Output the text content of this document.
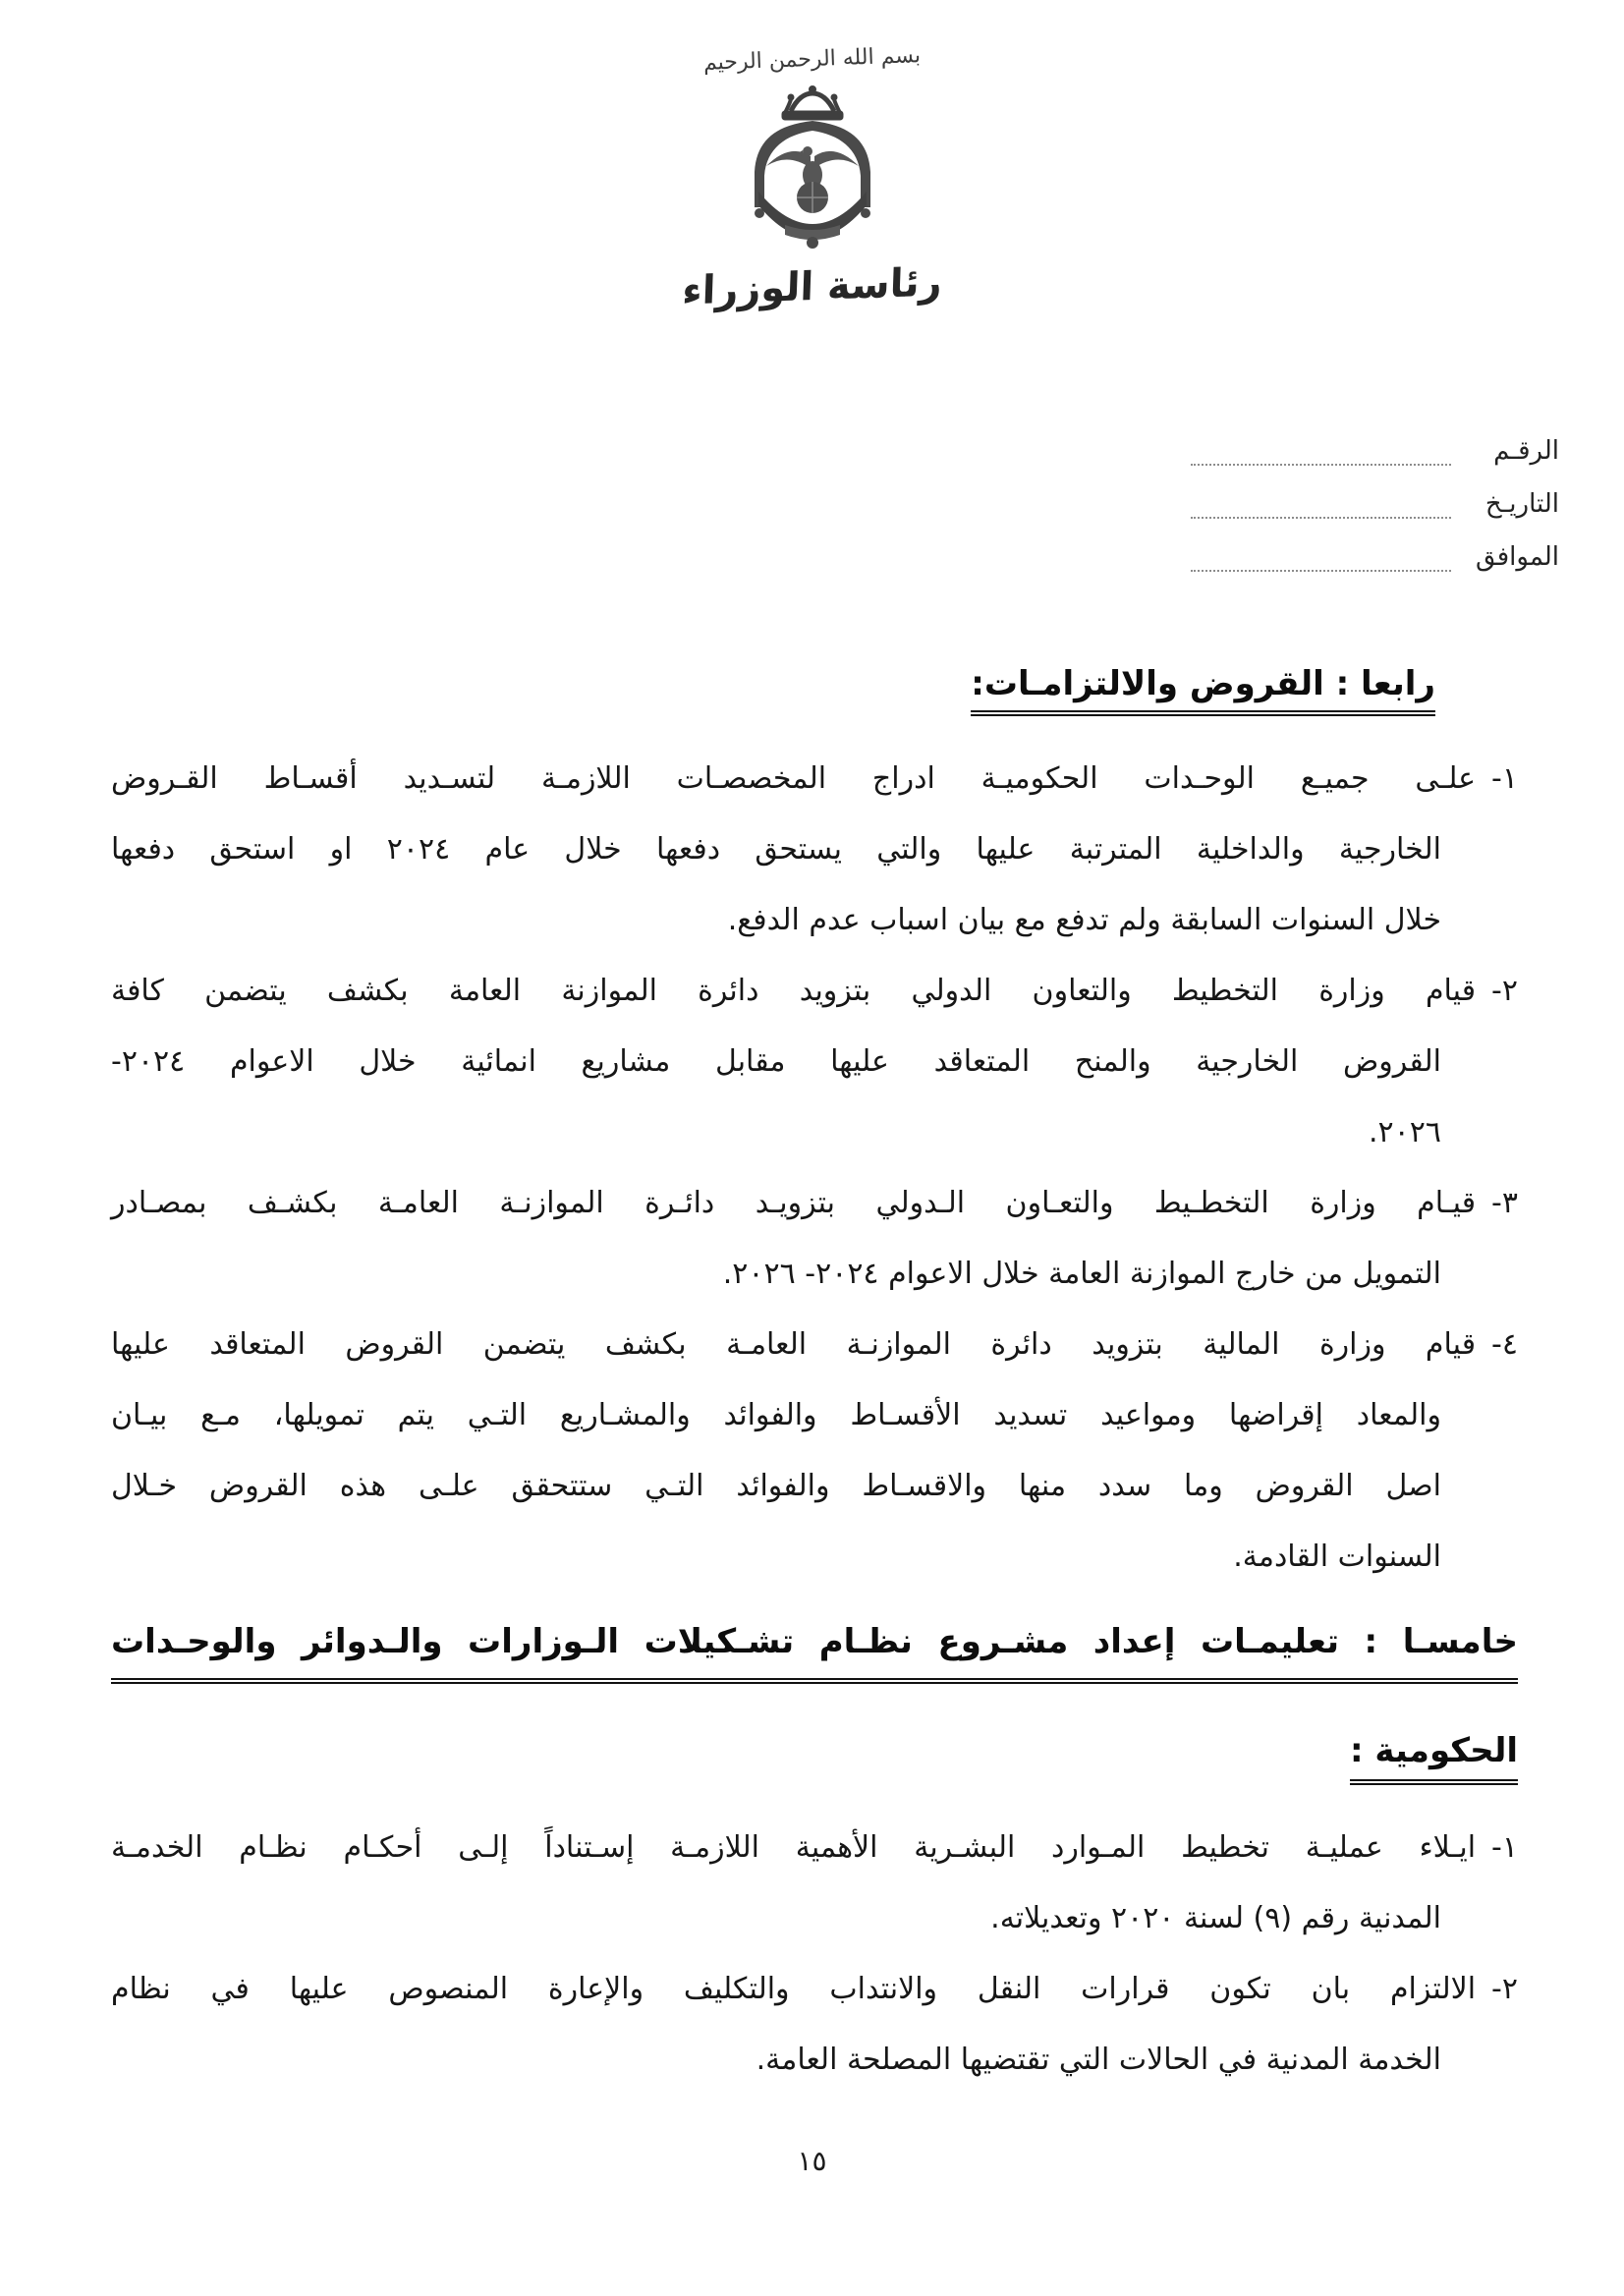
بسم الله الرحمن الرحيم
رئاسة الوزراء
الرقـم
التاريـخ
الموافق
رابعا : القروض والالتزامـات:
١-علـى جميـع الوحـدات الحكوميـة ادراج المخصصـات اللازمـة لتسـديد أقسـاط القـروض
الخارجية والداخلية المترتبة عليها والتي يستحق دفعها خلال عام ٢٠٢٤ او استحق دفعها
خلال السنوات السابقة ولم تدفع مع بيان اسباب عدم الدفع.
٢-قيام وزارة التخطيط والتعاون الدولي بتزويد دائرة الموازنة العامة بكشف يتضمن كافة
القروض الخارجية والمنح المتعاقد عليها مقابل مشاريع انمائية خلال الاعوام ٢٠٢٤-
٢٠٢٦.
٣-قيـام وزارة التخطـيط والتعـاون الـدولي بتزويـد دائـرة الموازنـة العامـة بكشـف بمصـادر
التمويل من خارج الموازنة العامة خلال الاعوام ٢٠٢٤- ٢٠٢٦.
٤-قيام وزارة المالية بتزويد دائرة الموازنـة العامـة بكشف يتضمن القروض المتعاقد عليها
والمعاد إقراضها ومواعيد تسديد الأقسـاط والفوائد والمشـاريع التـي يتم تمويلها، مـع بيـان
اصل القروض وما سدد منها والاقسـاط والفوائد التـي ستتحقق علـى هذه القروض خـلال
السنوات القادمة.
خامسـا : تعليمـات إعداد مشـروع نظـام تشـكيلات الـوزارات والـدوائر والوحـدات
الحكومية :
١-ايـلاء عمليـة تخطيط المـوارد البشـرية الأهمية اللازمـة إسـتناداً إلـى أحكـام نظـام الخدمـة
المدنية رقم (٩) لسنة ٢٠٢٠ وتعديلاته.
٢-الالتزام بان تكون قرارات النقل والانتداب والتكليف والإعارة المنصوص عليها في نظام
الخدمة المدنية في الحالات التي تقتضيها المصلحة العامة.
١٥
